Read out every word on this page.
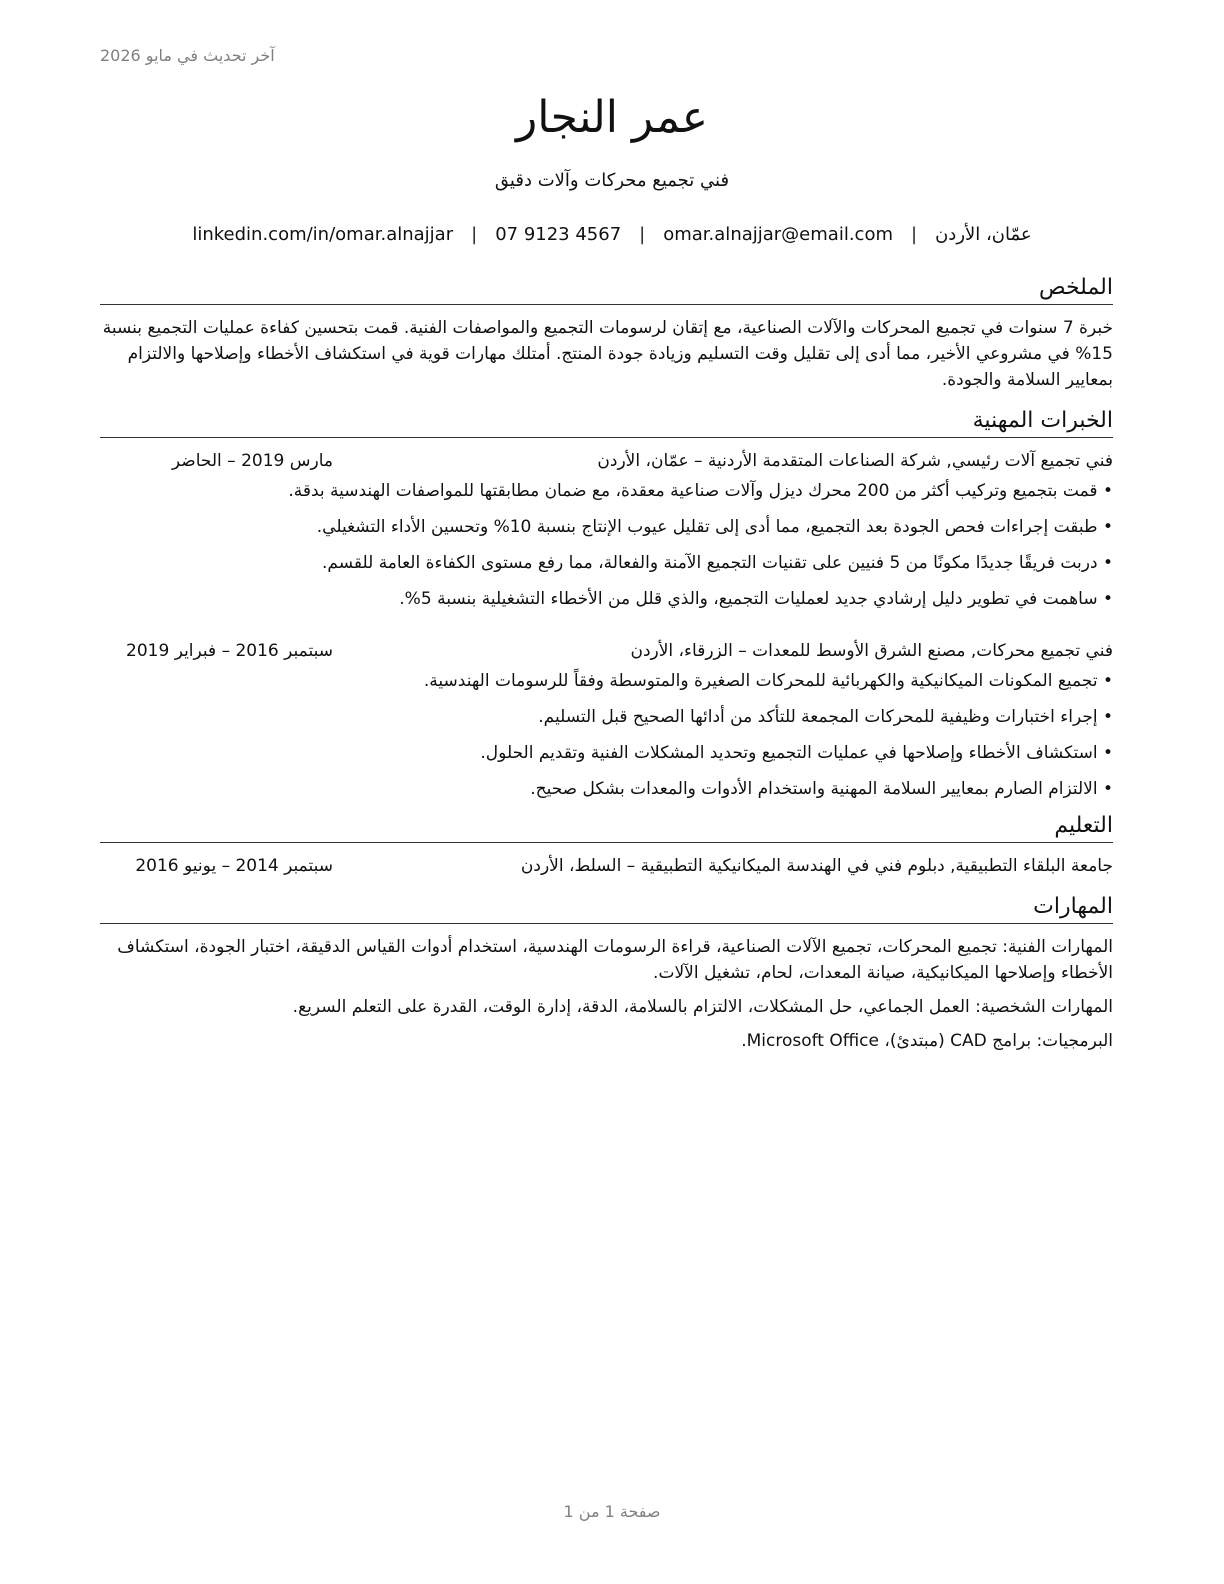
آخر تحديث في مايو 2026
عمر النجار
فني تجميع محركات وآلات دقيق
عمّان، الأردن
|
omar.alnajjar@email.com
|
07 9123 4567
|
linkedin.com/in/omar.alnajjar
الملخص
خبرة 7 سنوات في تجميع المحركات والآلات الصناعية، مع إتقان لرسومات التجميع والمواصفات الفنية. قمت بتحسين كفاءة عمليات التجميع بنسبة 15% في مشروعي الأخير، مما أدى إلى تقليل وقت التسليم وزيادة جودة المنتج. أمتلك مهارات قوية في استكشاف الأخطاء وإصلاحها والالتزام بمعايير السلامة والجودة.
الخبرات المهنية
فني تجميع آلات رئيسي, شركة الصناعات المتقدمة الأردنية – عمّان، الأردن
مارس 2019 – الحاضر
• قمت بتجميع وتركيب أكثر من 200 محرك ديزل وآلات صناعية معقدة، مع ضمان مطابقتها للمواصفات الهندسية بدقة.
• طبقت إجراءات فحص الجودة بعد التجميع، مما أدى إلى تقليل عيوب الإنتاج بنسبة 10% وتحسين الأداء التشغيلي.
• دربت فريقًا جديدًا مكونًا من 5 فنيين على تقنيات التجميع الآمنة والفعالة، مما رفع مستوى الكفاءة العامة للقسم.
• ساهمت في تطوير دليل إرشادي جديد لعمليات التجميع، والذي قلل من الأخطاء التشغيلية بنسبة 5%.
فني تجميع محركات, مصنع الشرق الأوسط للمعدات – الزرقاء، الأردن
سبتمبر 2016 – فبراير 2019
• تجميع المكونات الميكانيكية والكهربائية للمحركات الصغيرة والمتوسطة وفقاً للرسومات الهندسية.
• إجراء اختبارات وظيفية للمحركات المجمعة للتأكد من أدائها الصحيح قبل التسليم.
• استكشاف الأخطاء وإصلاحها في عمليات التجميع وتحديد المشكلات الفنية وتقديم الحلول.
• الالتزام الصارم بمعايير السلامة المهنية واستخدام الأدوات والمعدات بشكل صحيح.
التعليم
جامعة البلقاء التطبيقية, دبلوم فني في الهندسة الميكانيكية التطبيقية – السلط، الأردن
سبتمبر 2014 – يونيو 2016
المهارات
المهارات الفنية: تجميع المحركات، تجميع الآلات الصناعية، قراءة الرسومات الهندسية، استخدام أدوات القياس الدقيقة، اختبار الجودة، استكشاف الأخطاء وإصلاحها الميكانيكية، صيانة المعدات، لحام، تشغيل الآلات.
المهارات الشخصية: العمل الجماعي، حل المشكلات، الالتزام بالسلامة، الدقة، إدارة الوقت، القدرة على التعلم السريع.
البرمجيات: برامج CAD (مبتدئ)، Microsoft Office.
صفحة 1 من 1
